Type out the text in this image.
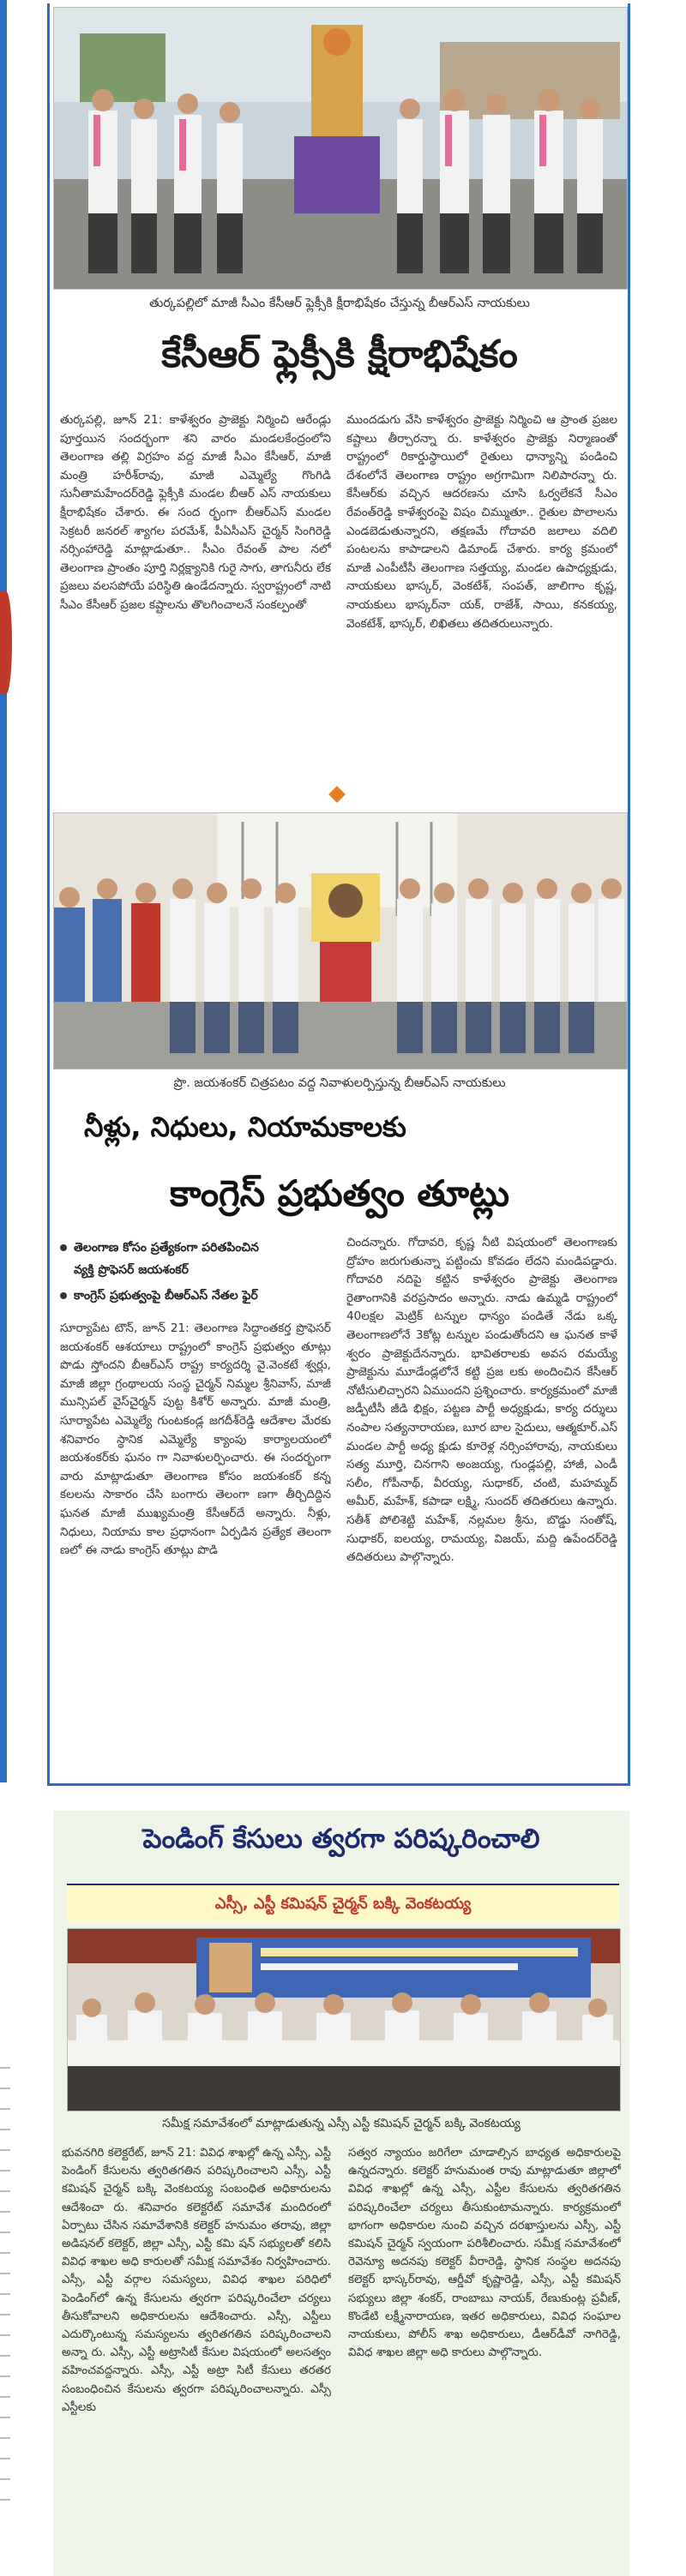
తుర్కపల్లిలో మాజీ సీఎం కేసీఆర్ ఫ్లెక్సీకి క్షీరాభిషేకం చేస్తున్న బీఆర్ఎస్ నాయకులు
కేసీఆర్ ఫ్లెక్సీకి క్షీరాభిషేకం
తుర్కపల్లి, జూన్ 21: కాళేశ్వరం ప్రాజెక్టు నిర్మించి ఆరేండ్లు పూర్తయిన సందర్భంగా శని వారం మండలకేంద్రంలోని తెలంగాణ తల్లి విగ్రహం వద్ద మాజీ సీఎం కేసీఆర్, మాజీ మంత్రి హరీశ్‌రావు, మాజీ ఎమ్మెల్యే గొంగిడి సునీతామహేందర్‌రెడ్డి ఫ్లెక్సీకి మండల బీఆర్ ఎస్ నాయకులు క్షీరాభిషేకం చేశారు. ఈ సంద ర్భంగా బీఆర్ఎస్ మండల సెక్రటరీ జనరల్ శ్యాగల పరమేశ్, పీఏసీఎస్ చైర్మన్ సింగిరెడ్డి నర్సింహారెడ్డి మాట్లాడుతూ.. సీఎం రేవంత్ పాల నలో తెలంగాణ ప్రాంతం పూర్తి నిర్లక్ష్యానికి గురై సాగు, తాగునీరు లేక ప్రజలు వలసపోయే పరిస్థితి ఉండేదన్నారు. స్వరాష్ట్రంలో నాటి సీఎం కేసీఆర్ ప్రజల కష్టాలను తొలగించాలనే సంకల్పంతో
ముందడుగు వేసి కాళేశ్వరం ప్రాజెక్టు నిర్మించి ఆ ప్రాంత ప్రజల కష్టాలు తీర్చారన్నా రు. కాళేశ్వరం ప్రాజెక్టు నిర్మాణంతో రాష్ట్రంలో రికార్డుస్థాయిలో రైతులు ధాన్యాన్ని పండించి దేశంలోనే తెలంగాణ రాష్ట్రం అగ్రగామిగా నిలిపారన్నా రు. కేసీఆర్‌కు వచ్చిన ఆదరణను చూసి ఓర్వలేకనే సీఎం రేవంత్‌రెడ్డి కాళేశ్వరంపై విషం చిమ్ముతూ.. రైతుల పొలాలను ఎండబెడుతున్నారని, తక్షణమే గోదావరి జలాలు వదిలి పంటలను కాపాడాలని డిమాండ్ చేశారు. కార్య క్రమంలో మాజీ ఎంపీటీసీ తెలంగాణ సత్తయ్య, మండల ఉపాధ్యక్షుడు, నాయకులు భాస్కర్, వెంకటేశ్, సంపత్, జాలిగాం కృష్ణ, నాయకులు భాస్కర్‌నా యక్, రాజేశ్, సాయి, కనకయ్య, వెంకటేశ్, భాస్కర్, లిఖితలు తదితరులున్నారు.
ప్రొ. జయశంకర్ చిత్రపటం వద్ద నివాళులర్పిస్తున్న బీఆర్ఎస్ నాయకులు
నీళ్లు, నిధులు, నియామకాలకు
కాంగ్రెస్ ప్రభుత్వం తూట్లు
తెలంగాణ కోసం ప్రత్యేకంగా పరితపించిన
వ్యక్తి ప్రొఫెసర్ జయశంకర్
కాంగ్రెస్ ప్రభుత్వంపై బీఆర్ఎస్ నేతల ఫైర్
సూర్యాపేట టౌన్, జూన్ 21: తెలంగాణ సిద్ధాంతకర్త ప్రొఫెసర్ జయశంకర్ ఆశయాలు రాష్ట్రంలో కాంగ్రెస్ ప్రభుత్వం తూట్లు పొడు స్తోందని బీఆర్ఎస్ రాష్ట్ర కార్యదర్శి వై.వెంకటే శ్వర్లు, మాజీ జిల్లా గ్రంథాలయ సంస్థ చైర్మన్ నిమ్మల శ్రీనివాస్, మాజీ మున్సిపల్ వైస్‌చైర్మన్ పుట్ట కిశోర్ అన్నారు. మాజీ మంత్రి, సూర్యాపేట ఎమ్మెల్యే గుంటకండ్ల జగదీశ్‌రెడ్డి ఆదేశాల మేరకు శనివారం స్థానిక ఎమ్మెల్యే క్యాంపు కార్యాలయంలో జయశంకర్‌కు ఘనం గా నివాళులర్పించారు. ఈ సందర్భంగా వారు మాట్లాడుతూ తెలంగాణ కోసం జయశంకర్ కన్న కలలను సాకారం చేసి బంగారు తెలంగా ణగా తీర్చిదిద్దిన ఘనత మాజీ ముఖ్యమంత్రి కేసీఆర్‌దే అన్నారు. నీళ్లు, నిధులు, నియామ కాల ప్రధానంగా ఏర్పడిన ప్రత్యేక తెలంగా ణలో ఈ నాడు కాంగ్రెస్ తూట్లు పొడి
చిందన్నారు. గోదావరి, కృష్ణ నీటి విషయంలో తెలంగాణకు ద్రోహం జరుగుతున్నా పట్టించు కోవడం లేదని మండిపడ్డారు. గోదావరి నదిపై కట్టిన కాళేశ్వరం ప్రాజెక్టు తెలంగాణ రైతాంగానికి వరప్రసాదం అన్నారు. నాడు ఉమ్మడి రాష్ట్రంలో 40లక్షల మెట్రిక్ టన్నుల ధాన్యం పండితే నేడు ఒక్క తెలంగాణలోనే 3కోట్ల టన్నుల పండుతోందని ఆ ఘనత కాళే శ్వరం ప్రాజెక్టుదేనన్నారు. భావితరాలకు అవస రమయ్యే ప్రాజెక్టును మూడేండ్లలోనే కట్టి ప్రజ లకు అందించిన కేసీఆర్ నోటీసులిచ్చారని ఏముందని ప్రశ్నించారు. కార్యక్రమంలో మాజీ జడ్పీటీసీ జీడి భిక్షం, పట్టణ పార్టీ అధ్యక్షుడు, కార్య దర్శులు నంపాల సత్యనారాయణ, బూర బాల సైదులు, ఆత్మకూర్.ఎస్ మండల పార్టీ అధ్య క్షుడు కూరెళ్ల నర్సింహారావు, నాయకులు సత్య మూర్తి, చినగాని అంజయ్య, గుండ్లపల్లి, హాజీ, ఎండీ సలీం, గోపీనాథ్, వీరయ్య, సుధాకర్, చంటి, మహమ్మద్ అమీర్, మహేశ్, కపాడా లక్ష్మి, సుందర్ తదితరులు ఉన్నారు. సతీశ్ పోలిశెట్టి మహేశ్, నల్లమల శ్రీను, బొడ్డు సంతోష్, సుధాకర్, ఐలయ్య, రామయ్య, విజయ్, మద్ది ఉపేందర్‌రెడ్డి తదితరులు పాల్గొన్నారు.
పెండింగ్ కేసులు త్వరగా పరిష్కరించాలి
ఎస్సీ, ఎస్టీ కమిషన్ చైర్మన్ బక్కి వెంకటయ్య
సమీక్ష సమావేశంలో మాట్లాడుతున్న ఎస్సీ ఎస్టీ కమిషన్ చైర్మన్ బక్కి వెంకటయ్య
భువనగిరి కలెక్టరేట్, జూన్ 21: వివిధ శాఖల్లో ఉన్న ఎస్సీ, ఎస్టీ పెండింగ్ కేసులను త్వరితగతిన పరిష్కరించాలని ఎస్సీ, ఎస్టీ కమిషన్ చైర్మన్ బక్కి వెంకటయ్య సంబంధిత అధికారులను ఆదేశించా రు. శనివారం కలెక్టరేట్ సమావేశ మందిరంలో ఏర్పాటు చేసిన సమావేశానికి కలెక్టర్ హనుమం తరావు, జిల్లా అడిషనల్ కలెక్టర్, జిల్లా ఎస్సీ, ఎస్టీ కమి షన్ సభ్యులతో కలిసి వివిధ శాఖల అధి కారులతో సమీక్ష సమావేశం నిర్వహించారు. ఎస్సీ, ఎస్టీ వర్గాల సమస్యలు, వివిధ శాఖల పరిధిలో పెండింగ్‌లో ఉన్న కేసులను త్వరగా పరిష్కరించేలా చర్యలు తీసుకోవాలని అధికారులను ఆదేశించారు. ఎస్సీ, ఎస్టీలు ఎదుర్కొంటున్న సమస్యలను త్వరితగతిన పరిష్కరించాలని అన్నా రు. ఎస్సీ, ఎస్టీ అట్రాసిటీ కేసుల విషయంలో అలసత్వం వహించవద్దన్నారు. ఎస్సీ, ఎస్టీ అట్రా సిటీ కేసులు తరతర సంబంధించిన కేసులను త్వరగా పరిష్కరించాలన్నారు. ఎస్సీ ఎస్టీలకు
సత్వర న్యాయం జరిగేలా చూడాల్సిన బాధ్యత అధికారులపై ఉన్నదన్నారు. కలెక్టర్ హనుమంత రావు మాట్లాడుతూ జిల్లాలో వివిధ శాఖల్లో ఉన్న ఎస్సీ, ఎస్టీల కేసులను త్వరితగతిన పరిష్కరించేలా చర్యలు తీసుకుంటామన్నారు. కార్యక్రమంలో భాగంగా అధికారుల నుంచి వచ్చిన దరఖాస్తులను ఎస్సీ, ఎస్టీ కమిషన్ చైర్మన్ స్వయంగా పరిశీలించారు. సమీక్ష సమావేశంలో రెవెన్యూ అదనపు కలెక్టర్ వీరారెడ్డి, స్థానిక సంస్థల అదనపు కలెక్టర్ భాస్కర్‌రావు, ఆర్డీవో కృష్ణారెడ్డి, ఎస్సీ, ఎస్టీ కమిషన్ సభ్యులు జిల్లా శంకర్, రాంబాబు నాయక్, రేణుకుంట్ల ప్రవీణ్, కొండేటి లక్ష్మీనారాయణ, ఇతర అధికారులు, వివిధ సంఘాల నాయకులు, పోలీస్ శాఖ అధికారులు, డీఆర్‌డీవో నాగిరెడ్డి, వివిధ శాఖల జిల్లా అధి కారులు పాల్గొన్నారు.
